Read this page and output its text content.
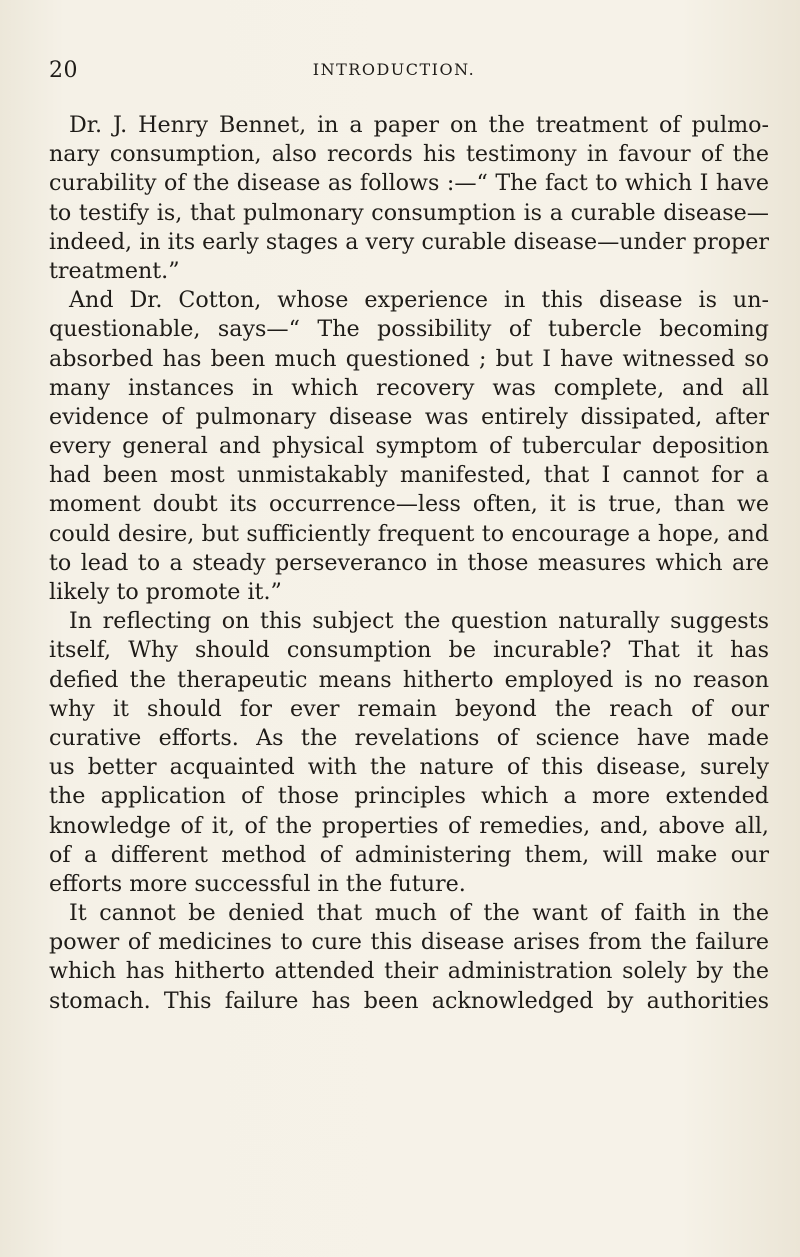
20	INTRODUCTION.
Dr. J. Henry Bennet, in a paper on the treatment of pulmo-
nary consumption, also records his testimony in favour of the
curability of the disease as follows :—“ The fact to which I have
to testify is, that pulmonary consumption is a curable disease—
indeed, in its early stages a very curable disease—under proper
treatment.”
And Dr. Cotton, whose experience in this disease is un-
questionable, says—“ The possibility of tubercle becoming
absorbed has been much questioned ; but I have witnessed so
many instances in which recovery was complete, and all
evidence of pulmonary disease was entirely dissipated, after
every general and physical symptom of tubercular deposition
had been most unmistakably manifested, that I cannot for a
moment doubt its occurrence—less often, it is true, than we
could desire, but sufficiently frequent to encourage a hope, and
to lead to a steady perseveranco in those measures which are
likely to promote it.”
In reflecting on this subject the question naturally suggests
itself, Why should consumption be incurable? That it has
defied the therapeutic means hitherto employed is no reason
why it should for ever remain beyond the reach of our
curative efforts. As the revelations of science have made
us better acquainted with the nature of this disease, surely
the application of those principles which a more extended
knowledge of it, of the properties of remedies, and, above all,
of a different method of administering them, will make our
efforts more successful in the future.
It cannot be denied that much of the want of faith in the
power of medicines to cure this disease arises from the failure
which has hitherto attended their administration solely by the
stomach. This failure has been acknowledged by authorities
